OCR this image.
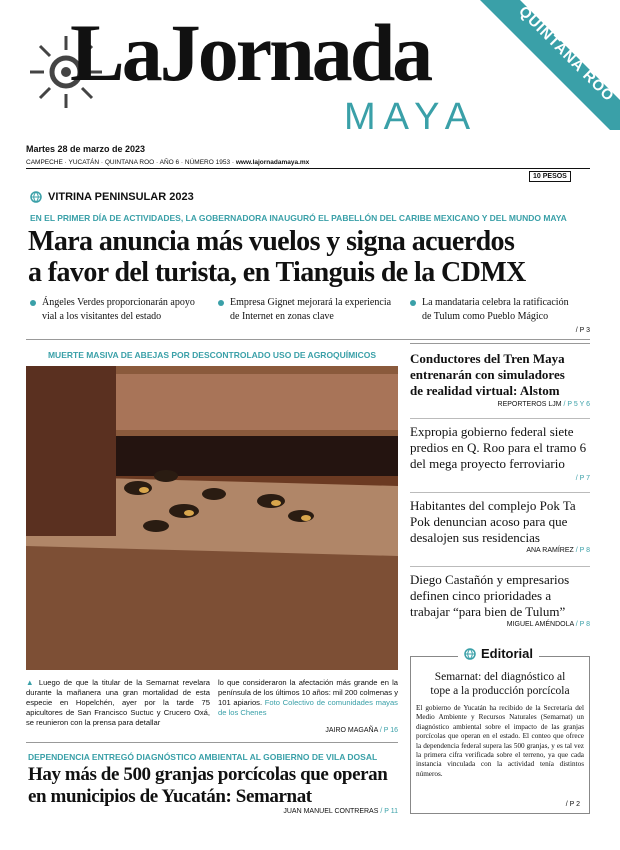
LaJornada
MAYA
QUINTANA ROO
Martes 28 de marzo de 2023
CAMPECHE · YUCATÁN · QUINTANA ROO · AÑO 6 · NÚMERO 1953 · www.lajornadamaya.mx
10 PESOS
VITRINA PENINSULAR 2023
EN EL PRIMER DÍA DE ACTIVIDADES, LA GOBERNADORA INAUGURÓ EL PABELLÓN DEL CARIBE MEXICANO Y DEL MUNDO MAYA
Mara anuncia más vuelos y signa acuerdos
a favor del turista, en Tianguis de la CDMX
Ángeles Verdes proporcionarán apoyo
vial a los visitantes del estado
Empresa Gignet mejorará la experiencia
de Internet en zonas clave
La mandataria celebra la ratificación
de Tulum como Pueblo Mágico
/ P 3
MUERTE MASIVA DE ABEJAS POR DESCONTROLADO USO DE AGROQUÍMICOS
▲ Luego de que la titular de la Semarnat revelara durante la mañanera una gran mortalidad de esta especie en Hopelchén, ayer por la tarde 75 apicultores de San Francisco Suctuc y Crucero Oxá, se reunieron con la prensa para detallar
lo que consideraron la afectación más grande en la península de los últimos 10 años: mil 200 colmenas y 101 apiarios. Foto Colectivo de comunidades mayas de los Chenes
JAIRO MAGAÑA / P 16
DEPENDENCIA ENTREGÓ DIAGNÓSTICO AMBIENTAL AL GOBIERNO DE VILA DOSAL
Hay más de 500 granjas porcícolas que operan
en municipios de Yucatán: Semarnat
JUAN MANUEL CONTRERAS / P 11
Conductores del Tren Maya
entrenarán con simuladores
de realidad virtual: Alstom
REPORTEROS LJM / P 5 Y 6
Expropia gobierno federal siete
predios en Q. Roo para el tramo 6
del mega proyecto ferroviario
/ P 7
Habitantes del complejo Pok Ta
Pok denuncian acoso para que
desalojen sus residencias
ANA RAMÍREZ / P 8
Diego Castañón y empresarios
definen cinco prioridades a
trabajar “para bien de Tulum”
MIGUEL AMÉNDOLA / P 8
Editorial
Semarnat: del diagnóstico al
tope a la producción porcícola
El gobierno de Yucatán ha recibido de la Secretaría del Medio Ambiente y Recursos Naturales (Semarnat) un diagnóstico ambiental sobre el impacto de las granjas porcícolas que operan en el estado. El conteo que ofrece la dependencia federal supera las 500 granjas, y es tal vez la primera cifra verificada sobre el terreno, ya que cada instancia vinculada con la actividad tenía distintos números.
/ P 2
